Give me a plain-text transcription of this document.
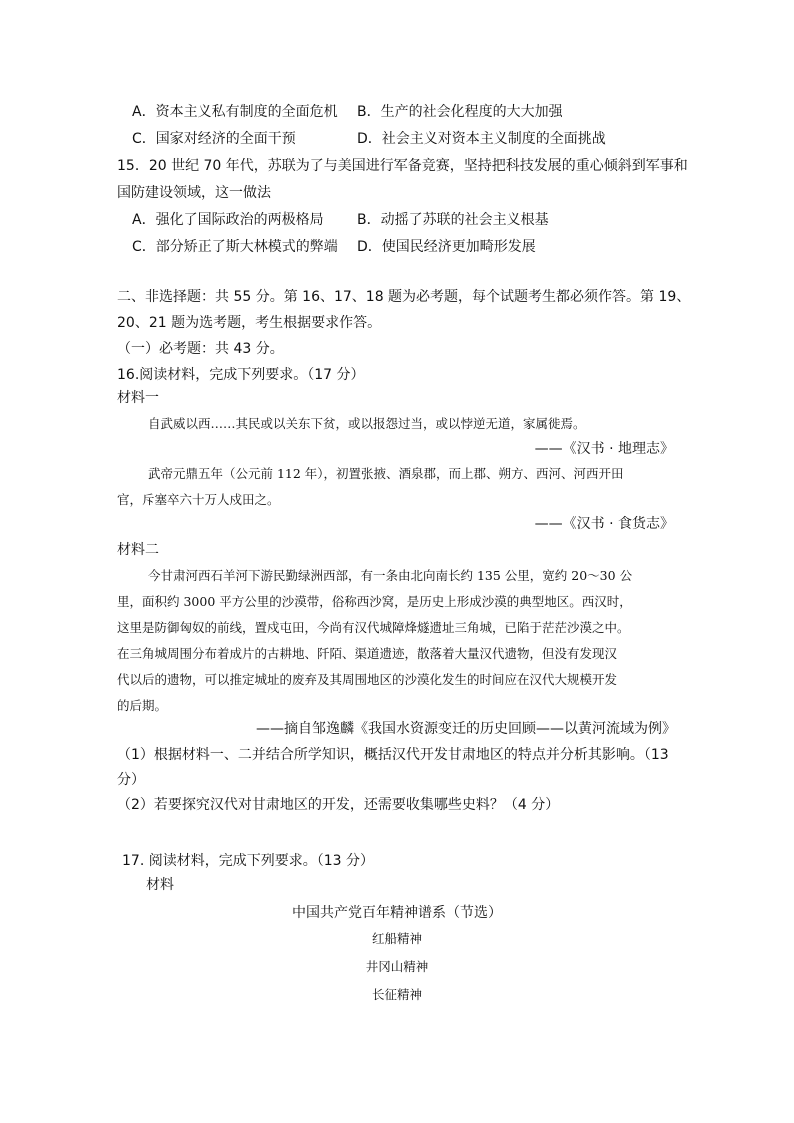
A．资本主义私有制度的全面危机 B．生产的社会化程度的大大加强
C．国家对经济的全面干预	D．社会主义对资本主义制度的全面挑战
15．20 世纪 70 年代，苏联为了与美国进行军备竞赛，坚持把科技发展的重心倾斜到军事和
国防建设领域，这一做法
A．强化了国际政治的两极格局 B．动摇了苏联的社会主义根基
C．部分矫正了斯大林模式的弊端 D．使国民经济更加畸形发展
二、非选择题：共 55 分。第 16、17、18 题为必考题，每个试题考生都必须作答。第 19、
20、21 题为选考题，考生根据要求作答。
（一）必考题：共 43 分。
16.阅读材料，完成下列要求。（17 分）
材料一
自武威以西……其民或以关东下贫，或以报怨过当，或以悖逆无道，家属徙焉。
——《汉书 · 地理志》
武帝元鼎五年（公元前 112 年），初置张掖、酒泉郡，而上郡、朔方、西河、河西开田
官，斥塞卒六十万人戍田之。
——《汉书 · 食货志》
材料二
今甘肃河西石羊河下游民勤绿洲西部，有一条由北向南长约 135 公里，宽约 20～30 公
里，面积约 3000 平方公里的沙漠带，俗称西沙窝，是历史上形成沙漠的典型地区。西汉时，
这里是防御匈奴的前线，置戍屯田，今尚有汉代城障烽燧遗址三角城，已陷于茫茫沙漠之中。
在三角城周围分布着成片的古耕地、阡陌、渠道遗迹，散落着大量汉代遗物，但没有发现汉
代以后的遗物，可以推定城址的废弃及其周围地区的沙漠化发生的时间应在汉代大规模开发
的后期。
——摘自邹逸麟《我国水资源变迁的历史回顾——以黄河流域为例》
（1）根据材料一、二并结合所学知识，概括汉代开发甘肃地区的特点并分析其影响。（13
分）
（2）若要探究汉代对甘肃地区的开发，还需要收集哪些史料？（4 分）
17. 阅读材料，完成下列要求。（13 分）
材料
中国共产党百年精神谱系（节选）
红船精神
井冈山精神
长征精神
